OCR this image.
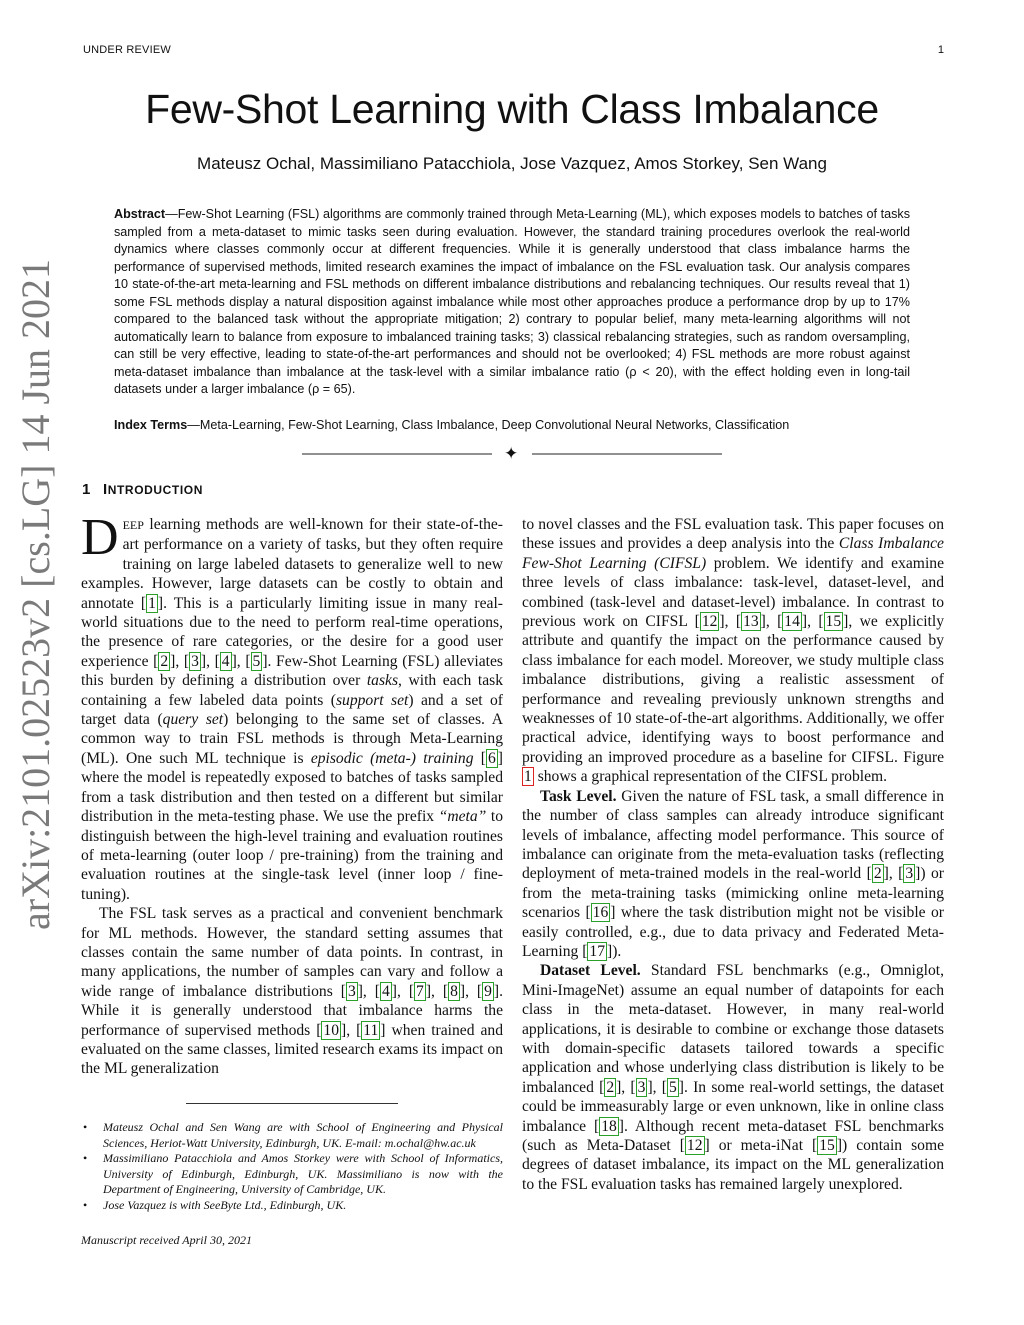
UNDER REVIEW	1
Few-Shot Learning with Class Imbalance
Mateusz Ochal, Massimiliano Patacchiola, Jose Vazquez, Amos Storkey, Sen Wang
Abstract—Few-Shot Learning (FSL) algorithms are commonly trained through Meta-Learning (ML), which exposes models to batches of tasks sampled from a meta-dataset to mimic tasks seen during evaluation. However, the standard training procedures overlook the real-world dynamics where classes commonly occur at different frequencies. While it is generally understood that class imbalance harms the performance of supervised methods, limited research examines the impact of imbalance on the FSL evaluation task. Our analysis compares 10 state-of-the-art meta-learning and FSL methods on different imbalance distributions and rebalancing techniques. Our results reveal that 1) some FSL methods display a natural disposition against imbalance while most other approaches produce a performance drop by up to 17% compared to the balanced task without the appropriate mitigation; 2) contrary to popular belief, many meta-learning algorithms will not automatically learn to balance from exposure to imbalanced training tasks; 3) classical rebalancing strategies, such as random oversampling, can still be very effective, leading to state-of-the-art performances and should not be overlooked; 4) FSL methods are more robust against meta-dataset imbalance than imbalance at the task-level with a similar imbalance ratio (ρ < 20), with the effect holding even in long-tail datasets under a larger imbalance (ρ = 65).
Index Terms—Meta-Learning, Few-Shot Learning, Class Imbalance, Deep Convolutional Neural Networks, Classification
✦
arXiv:2101.02523v2 [cs.LG] 14 Jun 2021	1 INTRODUCTION

DEEP learning methods are well-known for their state-of-the-art performance on a variety of tasks, but they often require training on large labeled datasets to generalize well to new examples. However, large datasets can be costly to obtain and annotate [ 1 ]. This is a particularly limiting issue in many real-world situations due to the need to perform real-time operations, the presence of rare categories, or the desire for a good user experience [ 2 ], [ 3 ], [ 4 ], [ 5 ]. Few-Shot Learning (FSL) alleviates this burden by defining a distribution over tasks, with each task containing a few labeled data points (support set) and a set of target data (query set) belonging to the same set of classes. A common way to train FSL methods is through Meta-Learning (ML). One such ML technique is episodic (meta-) training [ 6 ] where the model is repeatedly exposed to batches of tasks sampled from a task distribution and then tested on a different but similar distribution in the meta-testing phase. We use the prefix “meta” to distinguish between the high-level training and evaluation routines of meta-learning (outer loop / pre-training) from the training and evaluation routines at the single-task level (inner loop / fine-tuning).

The FSL task serves as a practical and convenient benchmark for ML methods. However, the standard setting assumes that classes contain the same number of data points. In contrast, in many applications, the number of samples can vary and follow a wide range of imbalance distributions [ 3 ], [ 4 ], [ 7 ], [ 8 ], [ 9 ]. While it is generally understood that imbalance harms the performance of supervised methods [ 10 ], [ 11 ] when trained and evaluated on the same classes, limited research exams its impact on the ML generalization

• Mateusz Ochal and Sen Wang are with School of Engineering and Physical Sciences, Heriot-Watt University, Edinburgh, UK. E-mail: m.ochal@hw.ac.uk
• Massimiliano Patacchiola and Amos Storkey were with School of Informatics, University of Edinburgh, Edinburgh, UK. Massimiliano is now with the Department of Engineering, University of Cambridge, UK.
• Jose Vazquez is with SeeByte Ltd., Edinburgh, UK.
Manuscript received April 30, 2021

to novel classes and the FSL evaluation task. This paper focuses on these issues and provides a deep analysis into the Class Imbalance Few-Shot Learning (CIFSL) problem. We identify and examine three levels of class imbalance: task-level, dataset-level, and combined (task-level and dataset-level) imbalance. In contrast to previous work on CIFSL [ 12 ], [ 13 ], [ 14 ], [ 15 ], we explicitly attribute and quantify the impact on the performance caused by class imbalance for each model. Moreover, we study multiple class imbalance distributions, giving a realistic assessment of performance and revealing previously unknown strengths and weaknesses of 10 state-of-the-art algorithms. Additionally, we offer practical advice, identifying ways to boost performance and providing an improved procedure as a baseline for CIFSL. Figure 1 shows a graphical representation of the CIFSL problem.

Task Level. Given the nature of FSL task, a small difference in the number of class samples can already introduce significant levels of imbalance, affecting model performance. This source of imbalance can originate from the meta-evaluation tasks (reflecting deployment of meta-trained models in the real-world [ 2 ], [ 3 ]) or from the meta-training tasks (mimicking online meta-learning scenarios [ 16 ] where the task distribution might not be visible or easily controlled, e.g., due to data privacy and Federated Meta-Learning [ 17 ]).

Dataset Level. Standard FSL benchmarks (e.g., Omniglot, Mini-ImageNet) assume an equal number of datapoints for each class in the meta-dataset. However, in many real-world applications, it is desirable to combine or exchange those datasets with domain-specific datasets tailored towards a specific application and whose underlying class distribution is likely to be imbalanced [ 2 ], [ 3 ], [ 5 ]. In some real-world settings, the dataset could be immeasurably large or even unknown, like in online class imbalance [ 18 ]. Although recent meta-dataset FSL benchmarks (such as Meta-Dataset [ 12 ] or meta-iNat [ 15 ]) contain some degrees of dataset imbalance, its impact on the ML generalization to the FSL evaluation tasks has remained largely unexplored.
